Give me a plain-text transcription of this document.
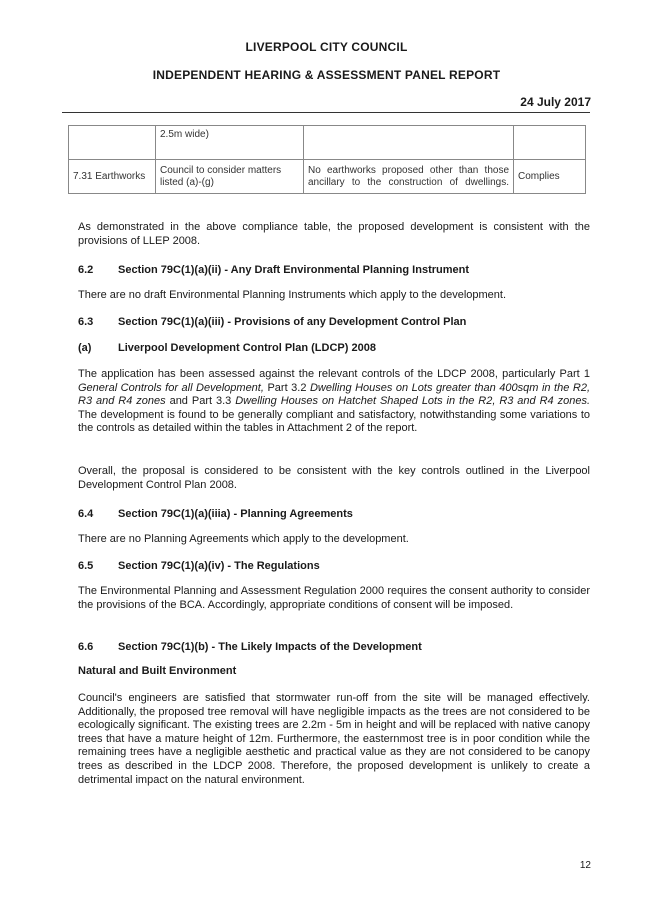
LIVERPOOL CITY COUNCIL
INDEPENDENT HEARING & ASSESSMENT PANEL REPORT
24 July 2017
	2.5m wide)		
7.31 Earthworks	Council to consider matters listed (a)-(g)	No earthworks proposed other than those ancillary to the construction of dwellings.	Complies
As demonstrated in the above compliance table, the proposed development is consistent with the provisions of LLEP 2008.
6.2 Section 79C(1)(a)(ii) - Any Draft Environmental Planning Instrument
There are no draft Environmental Planning Instruments which apply to the development.
6.3 Section 79C(1)(a)(iii) - Provisions of any Development Control Plan
(a) Liverpool Development Control Plan (LDCP) 2008
The application has been assessed against the relevant controls of the LDCP 2008, particularly Part 1 General Controls for all Development, Part 3.2 Dwelling Houses on Lots greater than 400sqm in the R2, R3 and R4 zones and Part 3.3 Dwelling Houses on Hatchet Shaped Lots in the R2, R3 and R4 zones. The development is found to be generally compliant and satisfactory, notwithstanding some variations to the controls as detailed within the tables in Attachment 2 of the report.
Overall, the proposal is considered to be consistent with the key controls outlined in the Liverpool Development Control Plan 2008.
6.4 Section 79C(1)(a)(iiia) - Planning Agreements
There are no Planning Agreements which apply to the development.
6.5 Section 79C(1)(a)(iv) - The Regulations
The Environmental Planning and Assessment Regulation 2000 requires the consent authority to consider the provisions of the BCA. Accordingly, appropriate conditions of consent will be imposed.
6.6 Section 79C(1)(b) - The Likely Impacts of the Development
Natural and Built Environment
Council's engineers are satisfied that stormwater run-off from the site will be managed effectively. Additionally, the proposed tree removal will have negligible impacts as the trees are not considered to be ecologically significant. The existing trees are 2.2m - 5m in height and will be replaced with native canopy trees that have a mature height of 12m. Furthermore, the easternmost tree is in poor condition while the remaining trees have a negligible aesthetic and practical value as they are not considered to be canopy trees as described in the LDCP 2008. Therefore, the proposed development is unlikely to create a detrimental impact on the natural environment.
12
